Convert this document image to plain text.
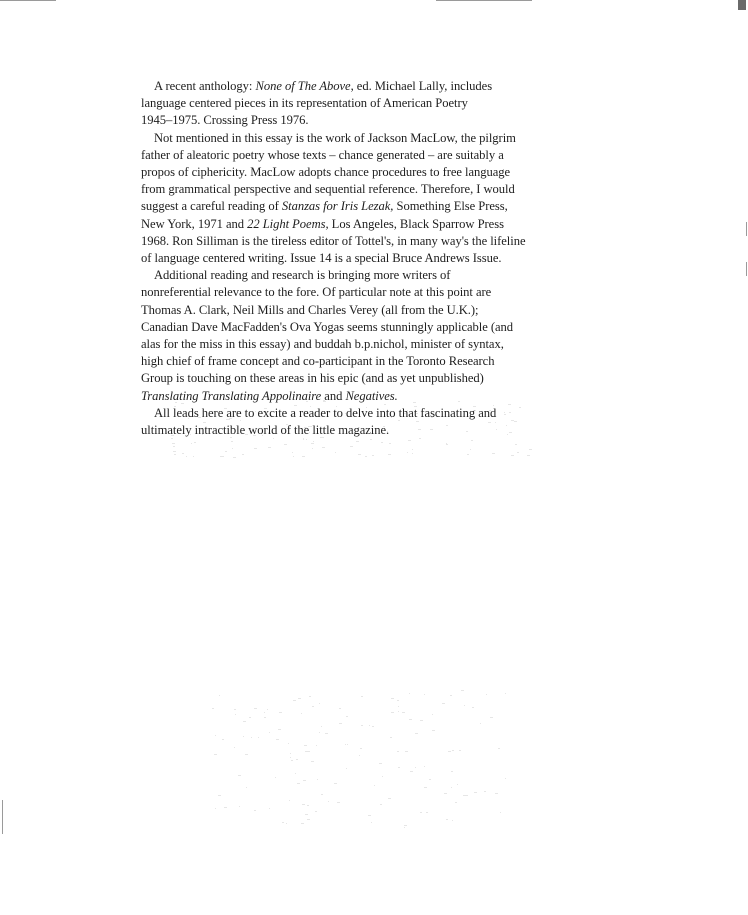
A recent anthology: None of The Above, ed. Michael Lally, includes
language centered pieces in its representation of American Poetry
1945–1975. Crossing Press 1976.
Not mentioned in this essay is the work of Jackson MacLow, the pilgrim
father of aleatoric poetry whose texts – chance generated – are suitably a
propos of ciphericity. MacLow adopts chance procedures to free language
from grammatical perspective and sequential reference. Therefore, I would
suggest a careful reading of Stanzas for Iris Lezak, Something Else Press,
New York, 1971 and 22 Light Poems, Los Angeles, Black Sparrow Press
1968. Ron Silliman is the tireless editor of Tottel's, in many way's the lifeline
of language centered writing. Issue 14 is a special Bruce Andrews Issue.
Additional reading and research is bringing more writers of
nonreferential relevance to the fore. Of particular note at this point are
Thomas A. Clark, Neil Mills and Charles Verey (all from the U.K.);
Canadian Dave MacFadden's Ova Yogas seems stunningly applicable (and
alas for the miss in this essay) and buddah b.p.nichol, minister of syntax,
high chief of frame concept and co-participant in the Toronto Research
Group is touching on these areas in his epic (and as yet unpublished)
Translating Translating Appolinaire and Negatives.
All leads here are to excite a reader to delve into that fascinating and
ultimately intractible world of the little magazine.
